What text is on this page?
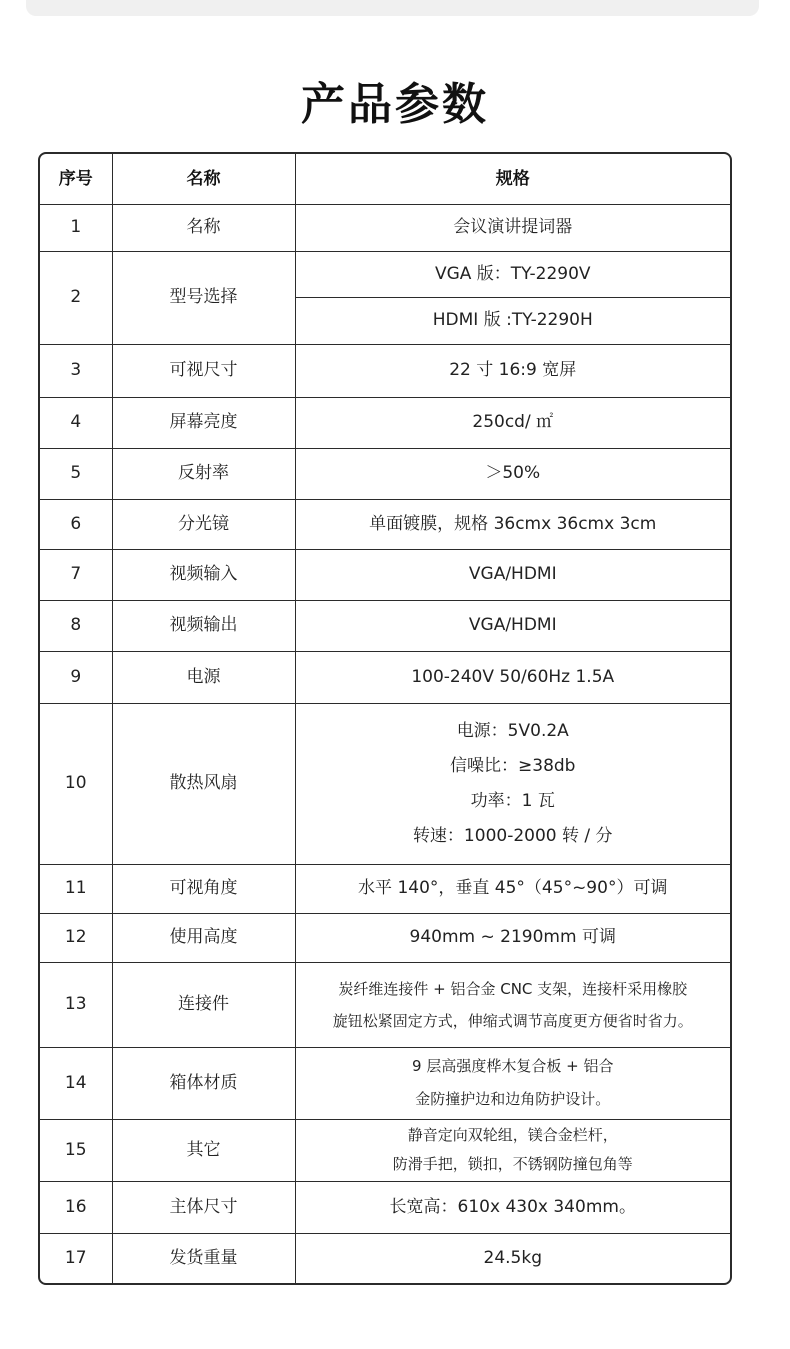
产品参数
序号	名称	规格
1	名称	会议演讲提词器
2	型号选择	VGA 版：TY-2290V
		HDMI 版 :TY-2290H
3	可视尺寸	22 寸 16:9 宽屏
4	屏幕亮度	250cd/ ㎡
5	反射率	＞50%
6	分光镜	单面镀膜，规格 36cmx 36cmx 3cm
7	视频输入	VGA/HDMI
8	视频输出	VGA/HDMI
9	电源	100-240V 50/60Hz 1.5A
10	散热风扇	电源：5V0.2A
信噪比：≥38db
功率：1 瓦
转速：1000-2000 转 / 分

11	可视角度	水平 140°，垂直 45°（45°~90°）可调
12	使用高度	940mm ~ 2190mm 可调
13	连接件	炭纤维连接件 + 铝合金 CNC 支架，连接杆采用橡胶
旋钮松紧固定方式，伸缩式调节高度更方便省时省力。

14	箱体材质	9 层高强度桦木复合板 + 铝合
金防撞护边和边角防护设计。

15	其它	静音定向双轮组，镁合金栏杆，
防滑手把，锁扣，不锈钢防撞包角等

16	主体尺寸	长宽高：610x 430x 340mm。
17	发货重量	24.5kg
